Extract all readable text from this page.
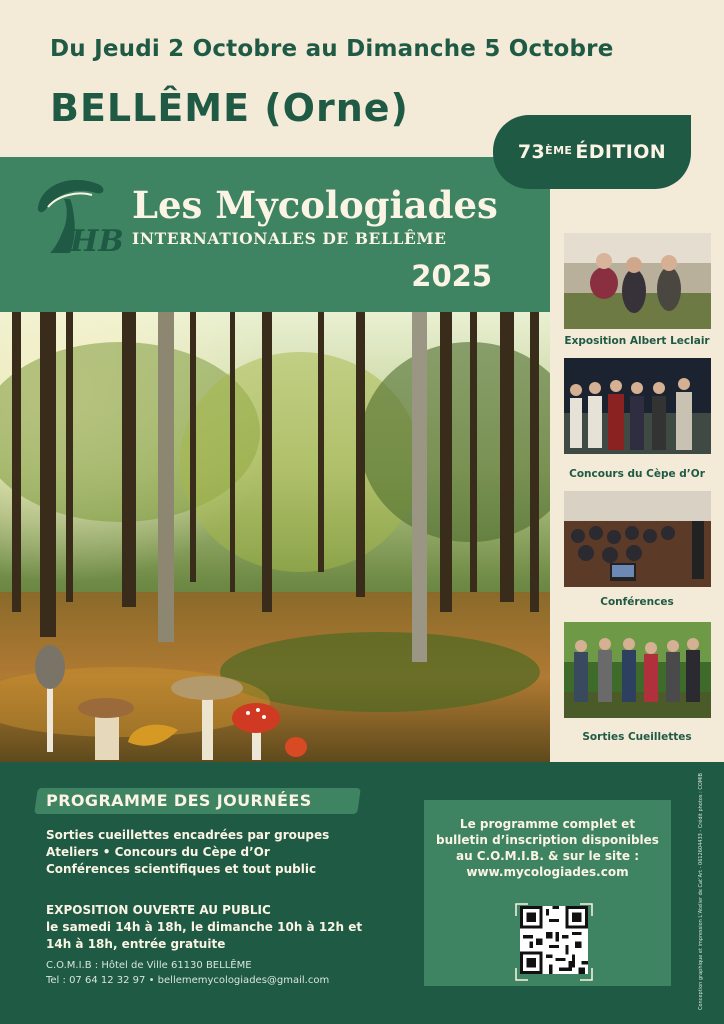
Du Jeudi 2 Octobre au Dimanche 5 Octobre
BELLÊME (Orne)
HB
Les Mycologiades
INTERNATIONALES DE BELLÊME
2025
73ÈME ÉDITION
Exposition Albert Leclair
Concours du Cèpe d’Or
Conférences
Sorties Cueillettes
PROGRAMME DES JOURNÉES
Sorties cueillettes encadrées par groupes
Ateliers • Concours du Cèpe d’Or
Conférences scientifiques et tout public
EXPOSITION OUVERTE AU PUBLIC
le samedi 14h à 18h, le dimanche 10h à 12h et
14h à 18h, entrée gratuite
C.O.M.I.B : Hôtel de Ville 61130 BELLÊME
Tel : 07 64 12 32 97 • bellememycologiades@gmail.com
Le programme complet et
bulletin d’inscription disponibles
au C.O.M.I.B. & sur le site :
www.mycologiades.com	Conception graphique et impression L’Atelier de Cat’Art - 0612604433 - Crédit photos : COMIB
